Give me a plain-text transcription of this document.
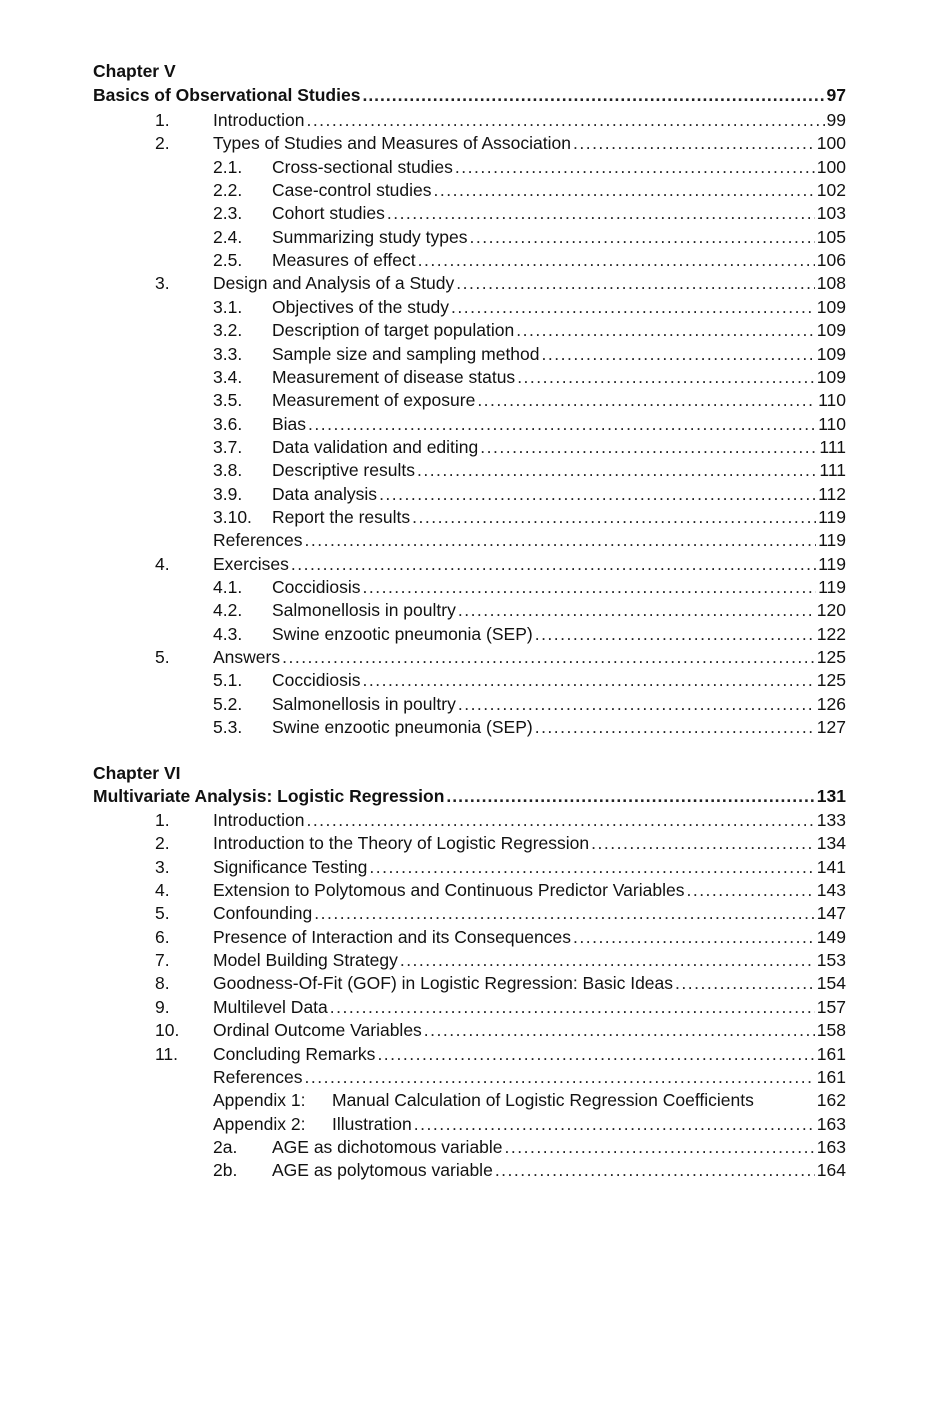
Chapter V
Basics of Observational Studies .....	97
1. Introduction .....	99
2. Types of Studies and Measures of Association .....	100
2.1. Cross-sectional studies .....	100
2.2. Case-control studies .....	102
2.3. Cohort studies .....	103
2.4. Summarizing study types .....	105
2.5. Measures of effect .....	106
3. Design and Analysis of a Study .....	108
3.1. Objectives of the study .....	109
3.2. Description of target population .....	109
3.3. Sample size and sampling method .....	109
3.4. Measurement of disease status .....	109
3.5. Measurement of exposure .....	110
3.6. Bias .....	110
3.7. Data validation and editing .....	111
3.8. Descriptive results .....	111
3.9. Data analysis .....	112
3.10. Report the results .....	119
References .....	119
4. Exercises .....	119
4.1. Coccidiosis .....	119
4.2. Salmonellosis in poultry .....	120
4.3. Swine enzootic pneumonia (SEP) .....	122
5. Answers .....	125
5.1. Coccidiosis .....	125
5.2. Salmonellosis in poultry .....	126
5.3. Swine enzootic pneumonia (SEP) .....	127
Chapter VI
Multivariate Analysis: Logistic Regression .....	131
1. Introduction .....	133
2. Introduction to the Theory of Logistic Regression .....	134
3. Significance Testing .....	141
4. Extension to Polytomous and Continuous Predictor Variables .....	143
5. Confounding .....	147
6. Presence of Interaction and its Consequences .....	149
7. Model Building Strategy .....	153
8. Goodness-Of-Fit (GOF) in Logistic Regression: Basic Ideas .....	154
9. Multilevel Data .....	157
10. Ordinal Outcome Variables .....	158
11. Concluding Remarks .....	161
References .....	161
Appendix 1: Manual Calculation of Logistic Regression Coefficients	162
Appendix 2: Illustration .....	163
2a. AGE as dichotomous variable .....	163
2b. AGE as polytomous variable .....	164
